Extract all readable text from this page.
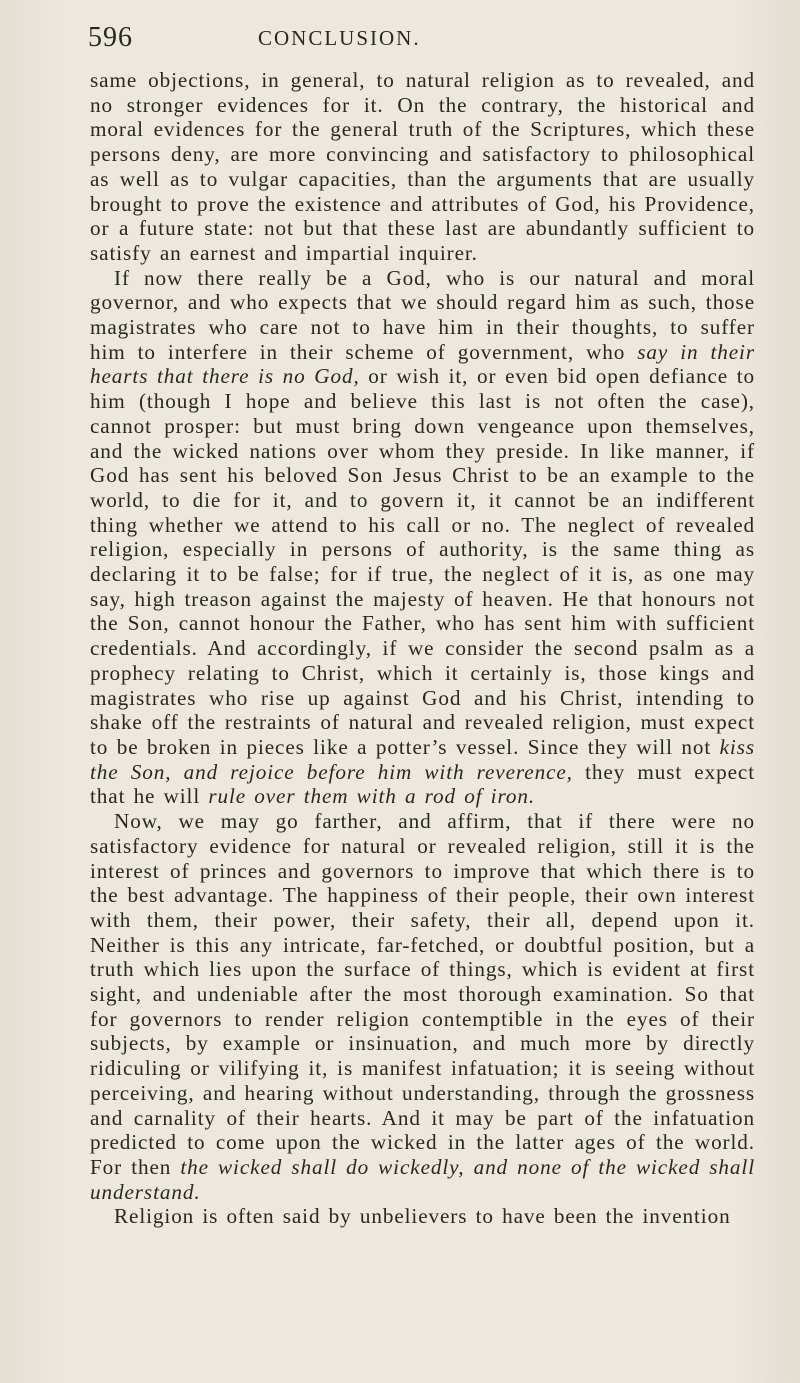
596	CONCLUSION.

same objections, in general, to natural religion as to revealed, and no stronger evidences for it. On the contrary, the historical and moral evidences for the general truth of the Scriptures, which these persons deny, are more convincing and satisfactory to philosophical as well as to vulgar capacities, than the arguments that are usually brought to prove the existence and attributes of God, his Providence, or a future state: not but that these last are abundantly sufficient to satisfy an earnest and impartial inquirer.

If now there really be a God, who is our natural and moral governor, and who expects that we should regard him as such, those magistrates who care not to have him in their thoughts, to suffer him to interfere in their scheme of government, who say in their hearts that there is no God, or wish it, or even bid open defiance to him (though I hope and believe this last is not often the case), cannot prosper: but must bring down vengeance upon themselves, and the wicked nations over whom they preside. In like manner, if God has sent his beloved Son Jesus Christ to be an example to the world, to die for it, and to govern it, it cannot be an indifferent thing whether we attend to his call or no. The neglect of revealed religion, especially in persons of authority, is the same thing as declaring it to be false; for if true, the neglect of it is, as one may say, high treason against the majesty of heaven. He that honours not the Son, cannot honour the Father, who has sent him with sufficient credentials. And accordingly, if we consider the second psalm as a prophecy relating to Christ, which it certainly is, those kings and magistrates who rise up against God and his Christ, intending to shake off the restraints of natural and revealed religion, must expect to be broken in pieces like a potter’s vessel. Since they will not kiss the Son, and rejoice before him with reverence, they must expect that he will rule over them with a rod of iron.

Now, we may go farther, and affirm, that if there were no satisfactory evidence for natural or revealed religion, still it is the interest of princes and governors to improve that which there is to the best advantage. The happiness of their people, their own interest with them, their power, their safety, their all, depend upon it. Neither is this any intricate, far-fetched, or doubtful position, but a truth which lies upon the surface of things, which is evident at first sight, and undeniable after the most thorough examination. So that for governors to render religion contemptible in the eyes of their subjects, by example or insinuation, and much more by directly ridiculing or vilifying it, is manifest infatuation; it is seeing without perceiving, and hearing without understanding, through the grossness and carnality of their hearts. And it may be part of the infatuation predicted to come upon the wicked in the latter ages of the world. For then the wicked shall do wickedly, and none of the wicked shall understand.

Religion is often said by unbelievers to have been the invention
